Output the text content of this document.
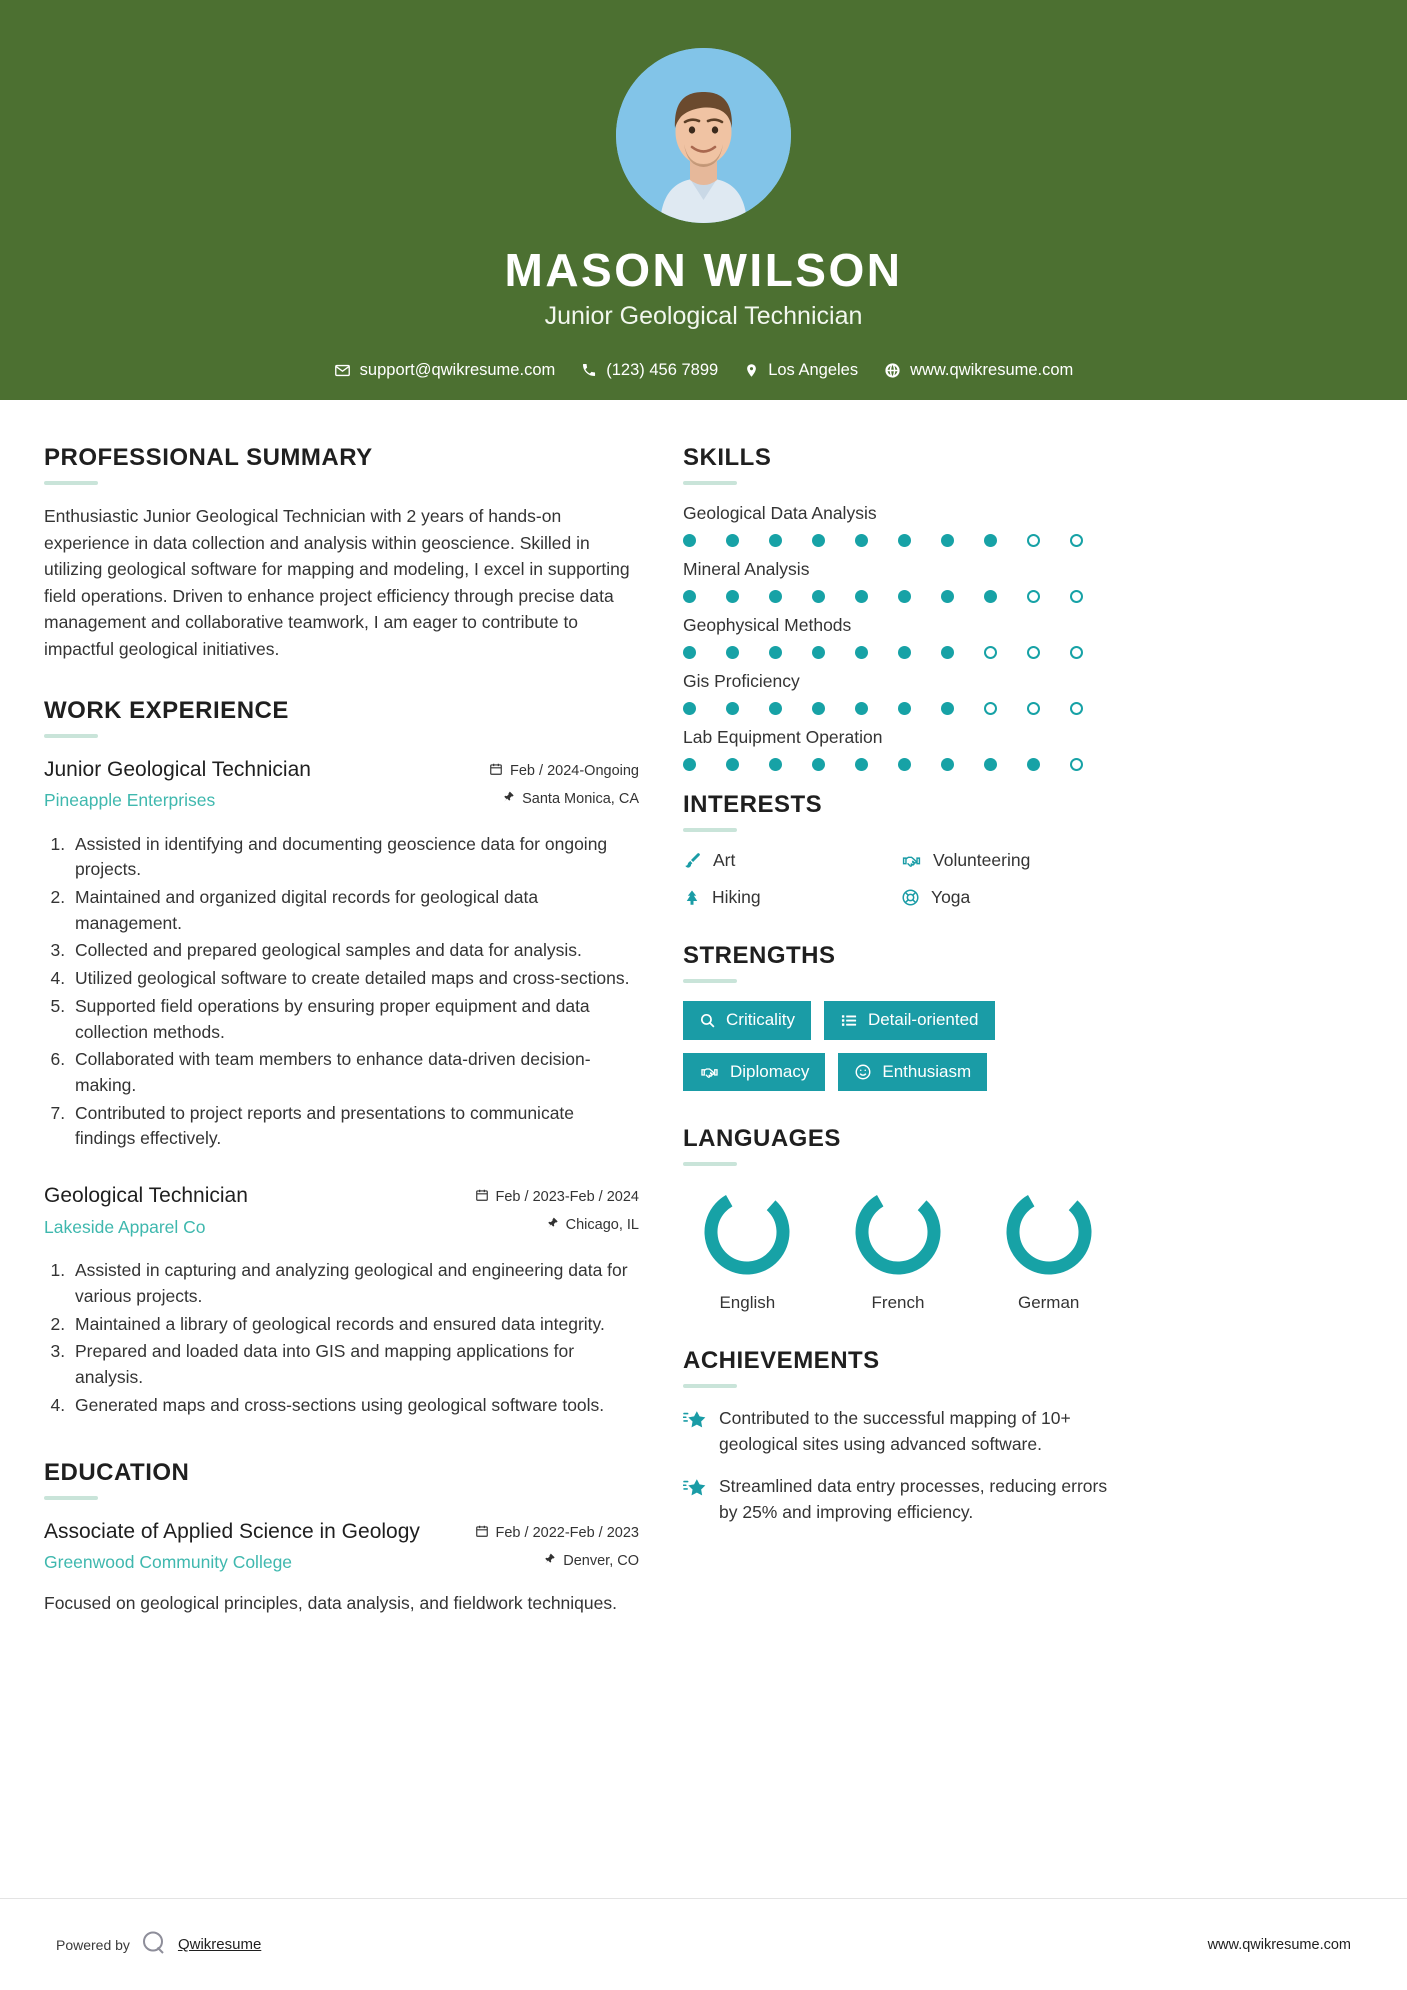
MASON WILSON
Junior Geological Technician
support@qwikresume.com	(123) 456 7899	Los Angeles	www.qwikresume.com
PROFESSIONAL SUMMARY

Enthusiastic Junior Geological Technician with 2 years of hands-on experience in data collection and analysis within geoscience. Skilled in utilizing geological software for mapping and modeling, I excel in supporting field operations. Driven to enhance project efficiency through precise data management and collaborative teamwork, I am eager to contribute to impactful geological initiatives.

WORK EXPERIENCE
Junior Geological Technician
Pineapple Enterprises
Feb / 2024-Ongoing
Santa Monica, CA
1. Assisted in identifying and documenting geoscience data for ongoing projects.
2. Maintained and organized digital records for geological data management.
3. Collected and prepared geological samples and data for analysis.
4. Utilized geological software to create detailed maps and cross-sections.
5. Supported field operations by ensuring proper equipment and data collection methods.
6. Collaborated with team members to enhance data-driven decision-making.
7. Contributed to project reports and presentations to communicate findings effectively.
Geological Technician
Lakeside Apparel Co
Feb / 2023-Feb / 2024
Chicago, IL
1. Assisted in capturing and analyzing geological and engineering data for various projects.
2. Maintained a library of geological records and ensured data integrity.
3. Prepared and loaded data into GIS and mapping applications for analysis.
4. Generated maps and cross-sections using geological software tools.
EDUCATION
Associate of Applied Science in Geology
Greenwood Community College
Feb / 2022-Feb / 2023
Denver, CO
Focused on geological principles, data analysis, and fieldwork techniques.
SKILLS
Geological Data Analysis
Mineral Analysis
Geophysical Methods
Gis Proficiency
Lab Equipment Operation
INTERESTS
Art	Volunteering
Hiking	Yoga
STRENGTHS
Criticality	Detail-oriented
Diplomacy	Enthusiasm
LANGUAGES
English	French	German
ACHIEVEMENTS
Contributed to the successful mapping of 10+ geological sites using advanced software.
Streamlined data entry processes, reducing errors by 25% and improving efficiency.
Powered by	Qwikresume	www.qwikresume.com
